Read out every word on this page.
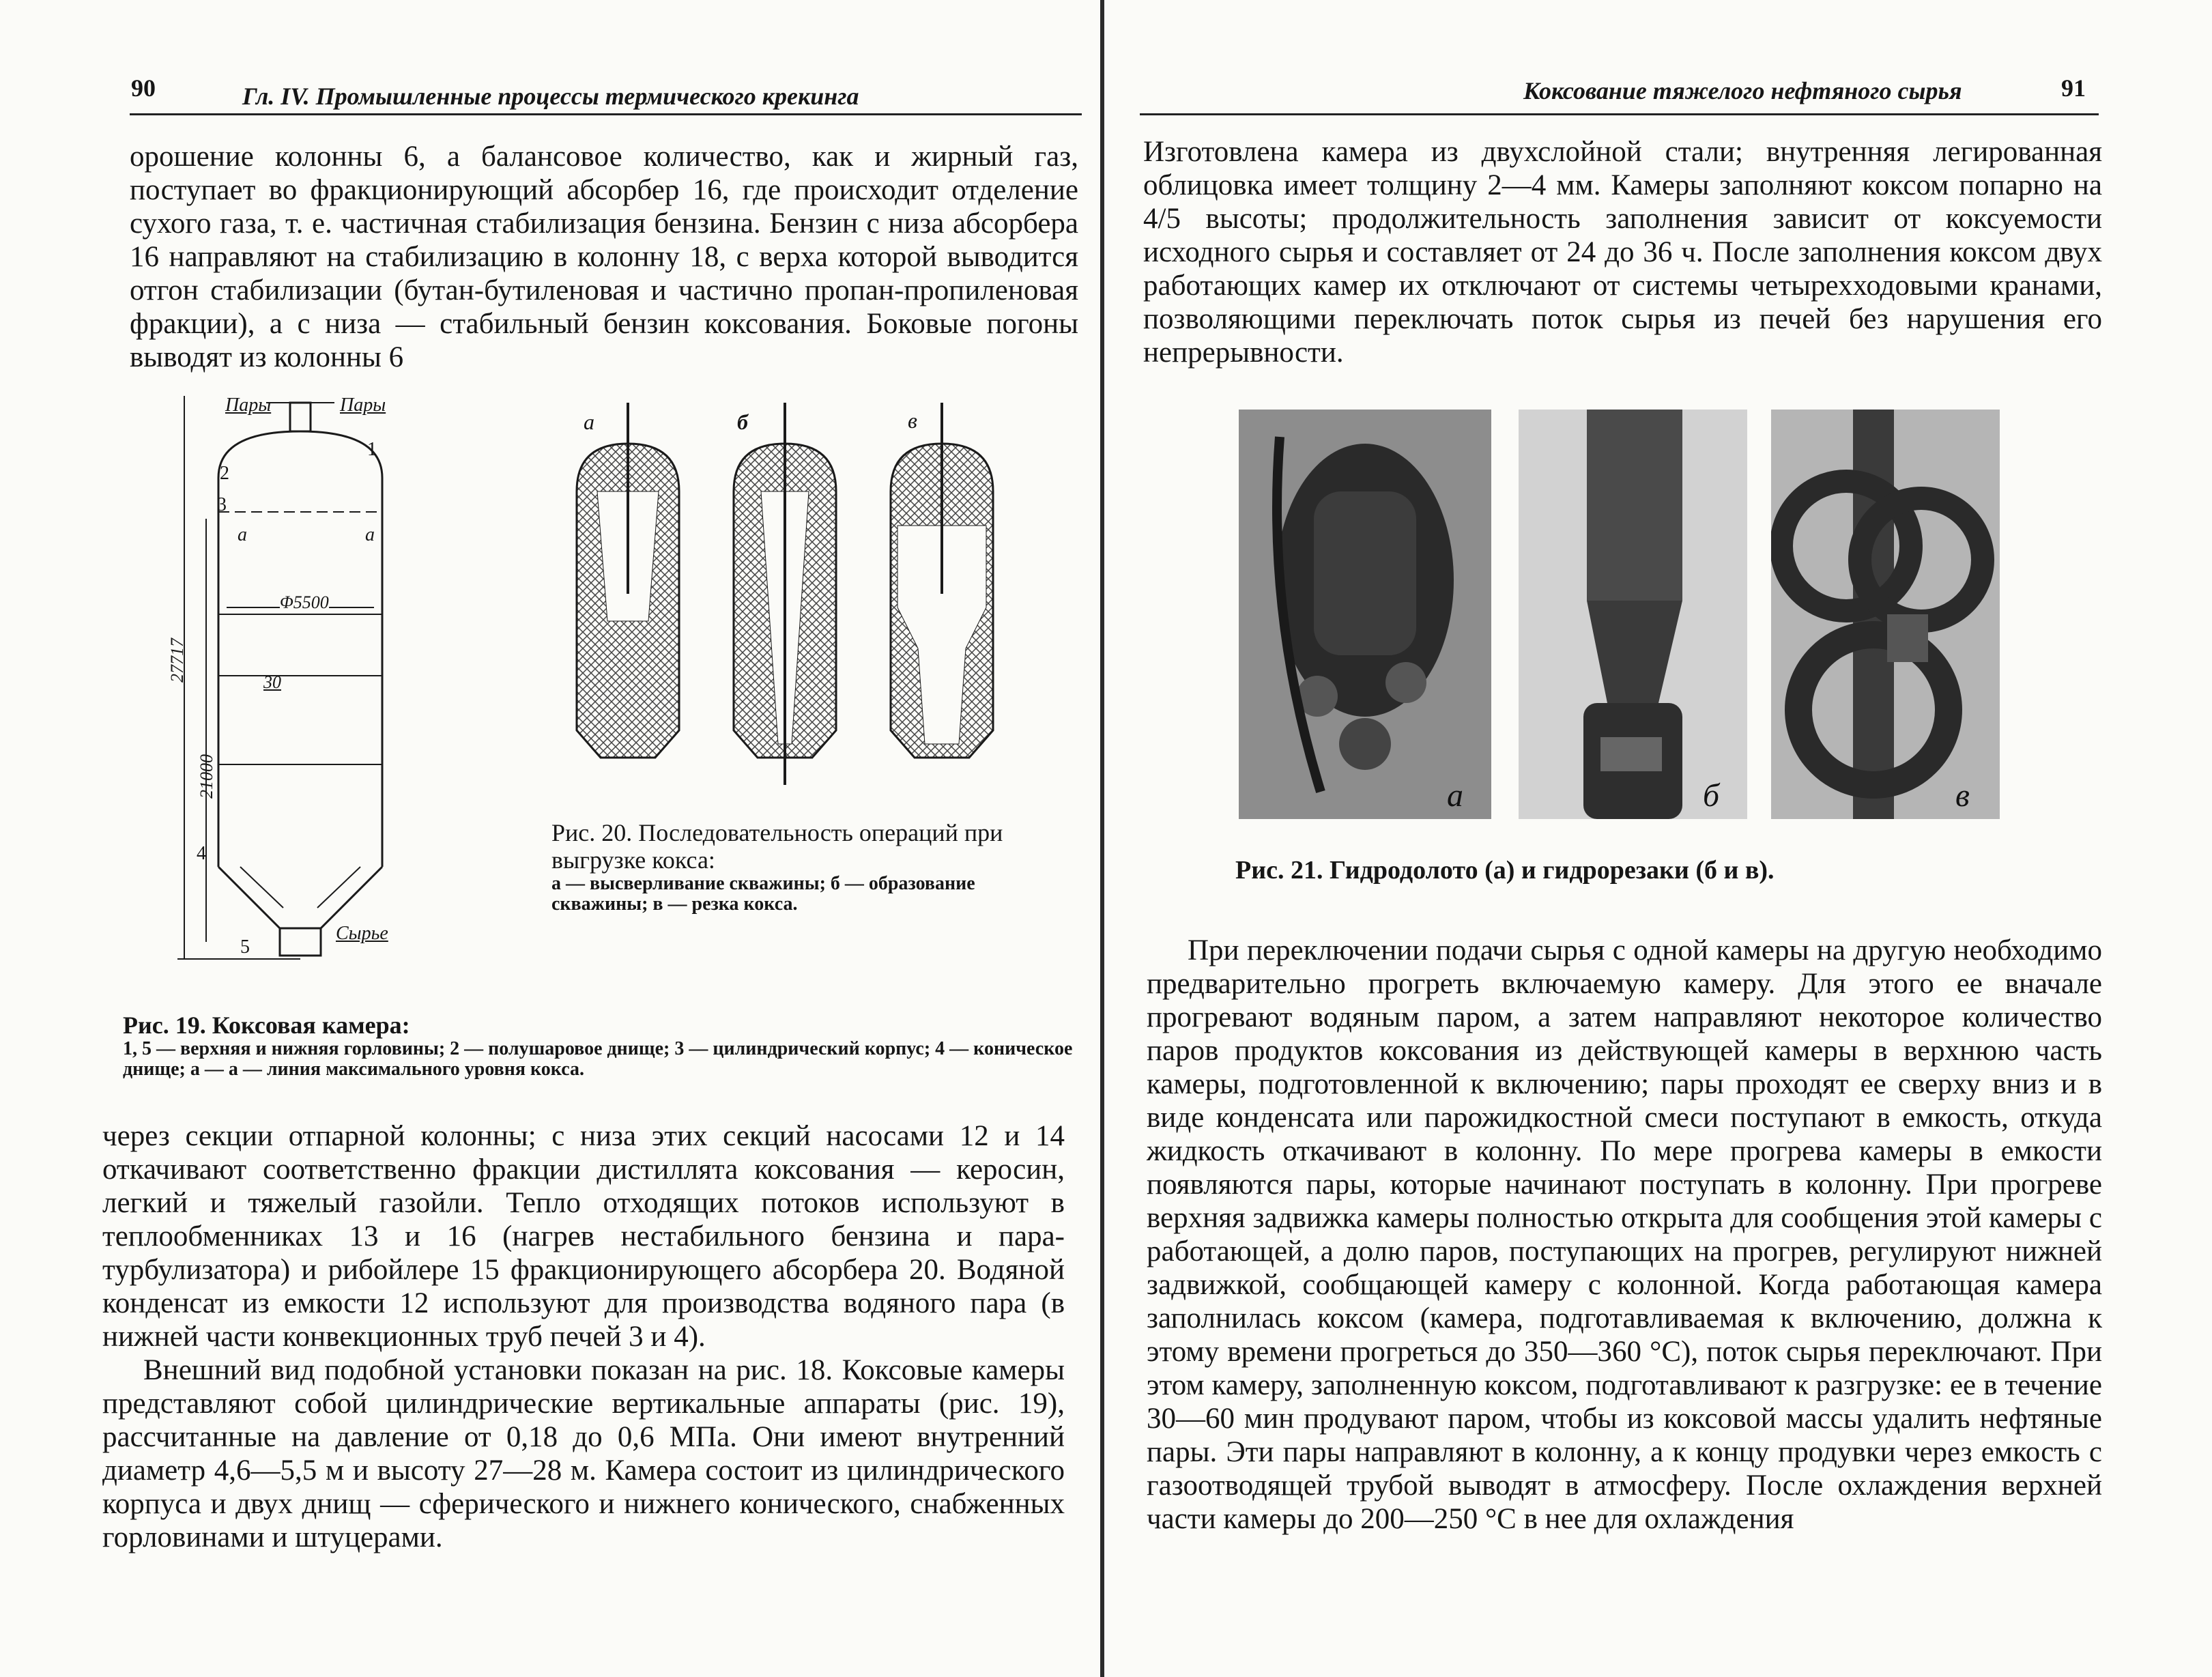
90	Гл. IV. Промышленные процессы термического крекинга

орошение колонны 6, а балансовое количество, как и жирный газ, поступает во фракционирующий абсорбер 16, где происходит отделение сухого газа, т. е. частичная стабилизация бензина. Бензин с низа абсорбера 16 направляют на стабилизацию в колонну 18, с верха которой выводится отгон стабилизации (бутан-бутиленовая и частично пропан-пропиленовая фракции), а с низа — стабильный бензин коксования. Боковые погоны выводят из колонны 6

Пары	Пары
1
2
3
а	а
Φ5500
27717
21000
30
4
5
Сырье
Рис. 19. Коксовая камера:
1, 5 — верхняя и нижняя горловины; 2 — полушаровое днище; 3 — цилиндрический корпус; 4 — коническое днище; а — а — линия максимального уровня кокса.
а	б	в
Рис. 20. Последовательность операций при выгрузке кокса:
а — высверливание скважины; б — образование скважины; в — резка кокса.

через секции отпарной колонны; с низа этих секций насосами 12 и 14 откачивают соответственно фракции дистиллята коксования — керосин, легкий и тяжелый газойли. Тепло отходящих потоков используют в теплообменниках 13 и 16 (нагрев нестабильного бензина и пара-турбулизатора) и рибойлере 15 фракционирующего абсорбера 20. Водяной конденсат из емкости 12 используют для производства водяного пара (в нижней части конвекционных труб печей 3 и 4).

Внешний вид подобной установки показан на рис. 18. Коксовые камеры представляют собой цилиндрические вертикальные аппараты (рис. 19), рассчитанные на давление от 0,18 до 0,6 МПа. Они имеют внутренний диаметр 4,6—5,5 м и высоту 27—28 м. Камера состоит из цилиндрического корпуса и двух днищ — сферического и нижнего конического, снабженных горловинами и штуцерами.

Коксование тяжелого нефтяного сырья	91

Изготовлена камера из двухслойной стали; внутренняя легированная облицовка имеет толщину 2—4 мм. Камеры заполняют коксом попарно на 4/5 высоты; продолжительность заполнения зависит от коксуемости исходного сырья и составляет от 24 до 36 ч. После заполнения коксом двух работающих камер их отключают от системы четырехходовыми кранами, позволяющими переключать поток сырья из печей без нарушения его непрерывности.

а	б	в
Рис. 21. Гидродолото (а) и гидрорезаки (б и в).

При переключении подачи сырья с одной камеры на другую необходимо предварительно прогреть включаемую камеру. Для этого ее вначале прогревают водяным паром, а затем направляют некоторое количество паров продуктов коксования из действующей камеры в верхнюю часть камеры, подготовленной к включению; пары проходят ее сверху вниз и в виде конденсата или парожидкостной смеси поступают в емкость, откуда жидкость откачивают в колонну. По мере прогрева камеры в емкости появляются пары, которые начинают поступать в колонну. При прогреве верхняя задвижка камеры полностью открыта для сообщения этой камеры с работающей, а долю паров, поступающих на прогрев, регулируют нижней задвижкой, сообщающей камеру с колонной. Когда работающая камера заполнилась коксом (камера, подготавливаемая к включению, должна к этому времени прогреться до 350—360 °С), поток сырья переключают. При этом камеру, заполненную коксом, подготавливают к разгрузке: ее в течение 30—60 мин продувают паром, чтобы из коксовой массы удалить нефтяные пары. Эти пары направляют в колонну, а к концу продувки через емкость с газоотводящей трубой выводят в атмосферу. После охлаждения верхней части камеры до 200—250 °С в нее для охлаждения
